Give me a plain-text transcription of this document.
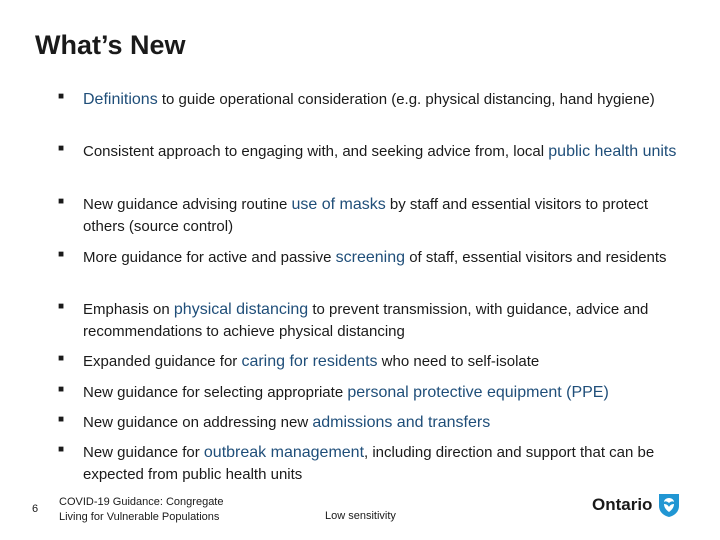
What’s New
■ Definitions to guide operational consideration (e.g. physical distancing, hand hygiene)
■ Consistent approach to engaging with, and seeking advice from, local public health units
■ New guidance advising routine use of masks by staff and essential visitors to protect others (source control)
■ More guidance for active and passive screening of staff, essential visitors and residents
■ Emphasis on physical distancing to prevent transmission, with guidance, advice and recommendations to achieve physical distancing
■ Expanded guidance for caring for residents who need to self-isolate
■ New guidance for selecting appropriate personal protective equipment (PPE)
■ New guidance on addressing new admissions and transfers
■ New guidance for outbreak management, including direction and support that can be expected from public health units
6
COVID-19 Guidance: Congregate
Living for Vulnerable Populations	Low sensitivity
Ontario
